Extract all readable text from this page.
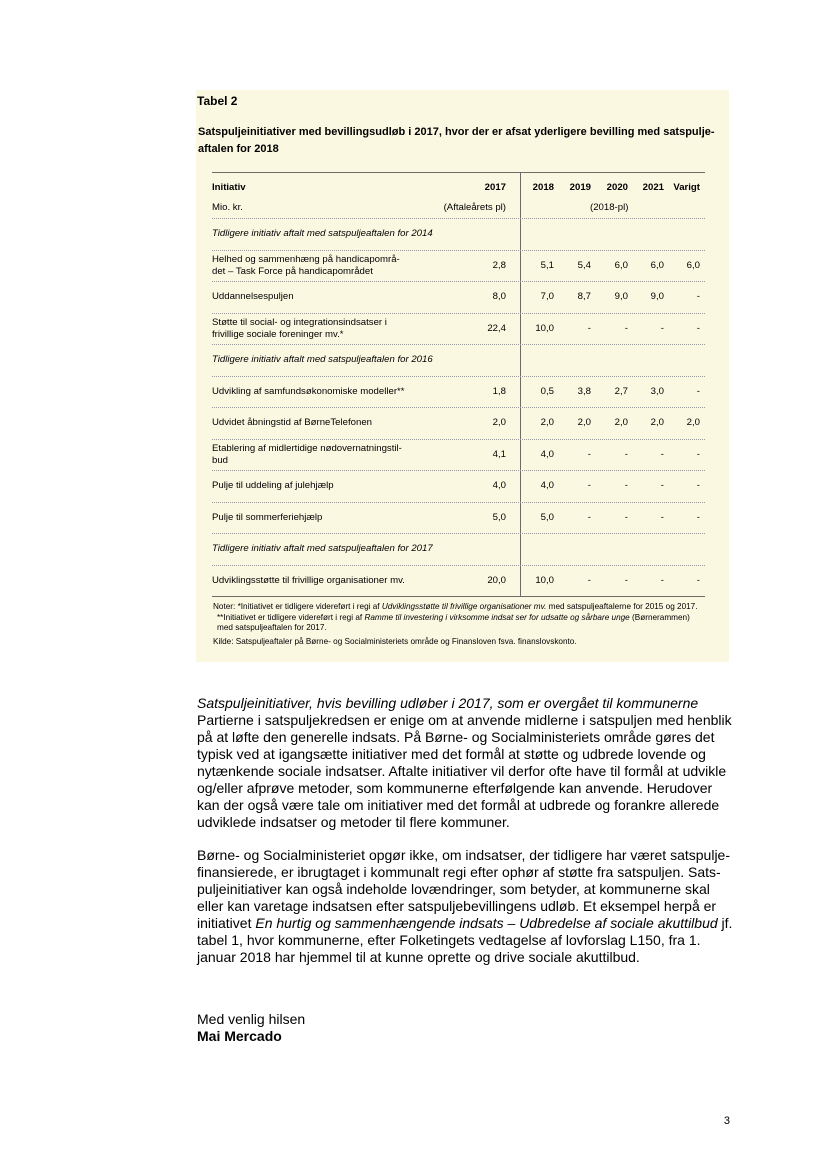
Tabel 2
Satspuljeinitiativer med bevillingsudløb i 2017, hvor der er afsat yderligere bevilling med satspulje-
aftalen for 2018
Initiativ	2017	2018 2019 2020 2021 Varigt
Mio. kr.	(Aftaleårets pl)	(2018-pl)
Tidligere initiativ aftalt med satspuljeaftalen for 2014
Helhed og sammenhæng på handicapområ-
det – Task Force på handicapområdet
2,8	5,1 5,4 6,0 6,0 6,0
Uddannelsespuljen	8,0	7,0 8,7 9,0 9,0	-
Støtte til social- og integrationsindsatser i
frivillige sociale foreninger mv.*
22,4	10,0	-	-	-	-
Tidligere initiativ aftalt med satspuljeaftalen for 2016
Udvikling af samfundsøkonomiske modeller**	1,8	0,5 3,8 2,7 3,0	-
Udvidet åbningstid af BørneTelefonen	2,0	2,0 2,0 2,0 2,0 2,0
Etablering af midlertidige nødovernatningstil-
bud
4,1	4,0	-	-	-	-
Pulje til uddeling af julehjælp	4,0	4,0	-	-	-	-
Pulje til sommerferiehjælp	5,0	5,0	-	-	-	-
Tidligere initiativ aftalt med satspuljeaftalen for 2017
Udviklingsstøtte til frivillige organisationer mv.	20,0	10,0	-	-	-	-
Noter: *Initiativet er tidligere videreført i regi af Udviklingsstøtte til frivillige organisationer mv. med satspuljeaftalerne for 2015 og 2017.
**Initiativet er tidligere videreført i regi af Ramme til investering i virksomme indsat ser for udsatte og sårbare unge (Børnerammen)
med satspuljeaftalen for 2017.
Kilde: Satspuljeaftaler på Børne- og Socialministeriets område og Finansloven fsva. finanslovskonto.
Satspuljeinitiativer, hvis bevilling udløber i 2017, som er overgået til kommunerne
Partierne i satspuljekredsen er enige om at anvende midlerne i satspuljen med henblik
på at løfte den generelle indsats. På Børne- og Socialministeriets område gøres det
typisk ved at igangsætte initiativer med det formål at støtte og udbrede lovende og
nytænkende sociale indsatser. Aftalte initiativer vil derfor ofte have til formål at udvikle
og/eller afprøve metoder, som kommunerne efterfølgende kan anvende. Herudover
kan der også være tale om initiativer med det formål at udbrede og forankre allerede
udviklede indsatser og metoder til flere kommuner.
Børne- og Socialministeriet opgør ikke, om indsatser, der tidligere har været satspulje-
finansierede, er ibrugtaget i kommunalt regi efter ophør af støtte fra satspuljen. Sats-
puljeinitiativer kan også indeholde lovændringer, som betyder, at kommunerne skal
eller kan varetage indsatsen efter satspuljebevillingens udløb. Et eksempel herpå er
initiativet En hurtig og sammenhængende indsats – Udbredelse af sociale akuttilbud jf.
tabel 1, hvor kommunerne, efter Folketingets vedtagelse af lovforslag L150, fra 1.
januar 2018 har hjemmel til at kunne oprette og drive sociale akuttilbud.
Med venlig hilsen
Mai Mercado
3
